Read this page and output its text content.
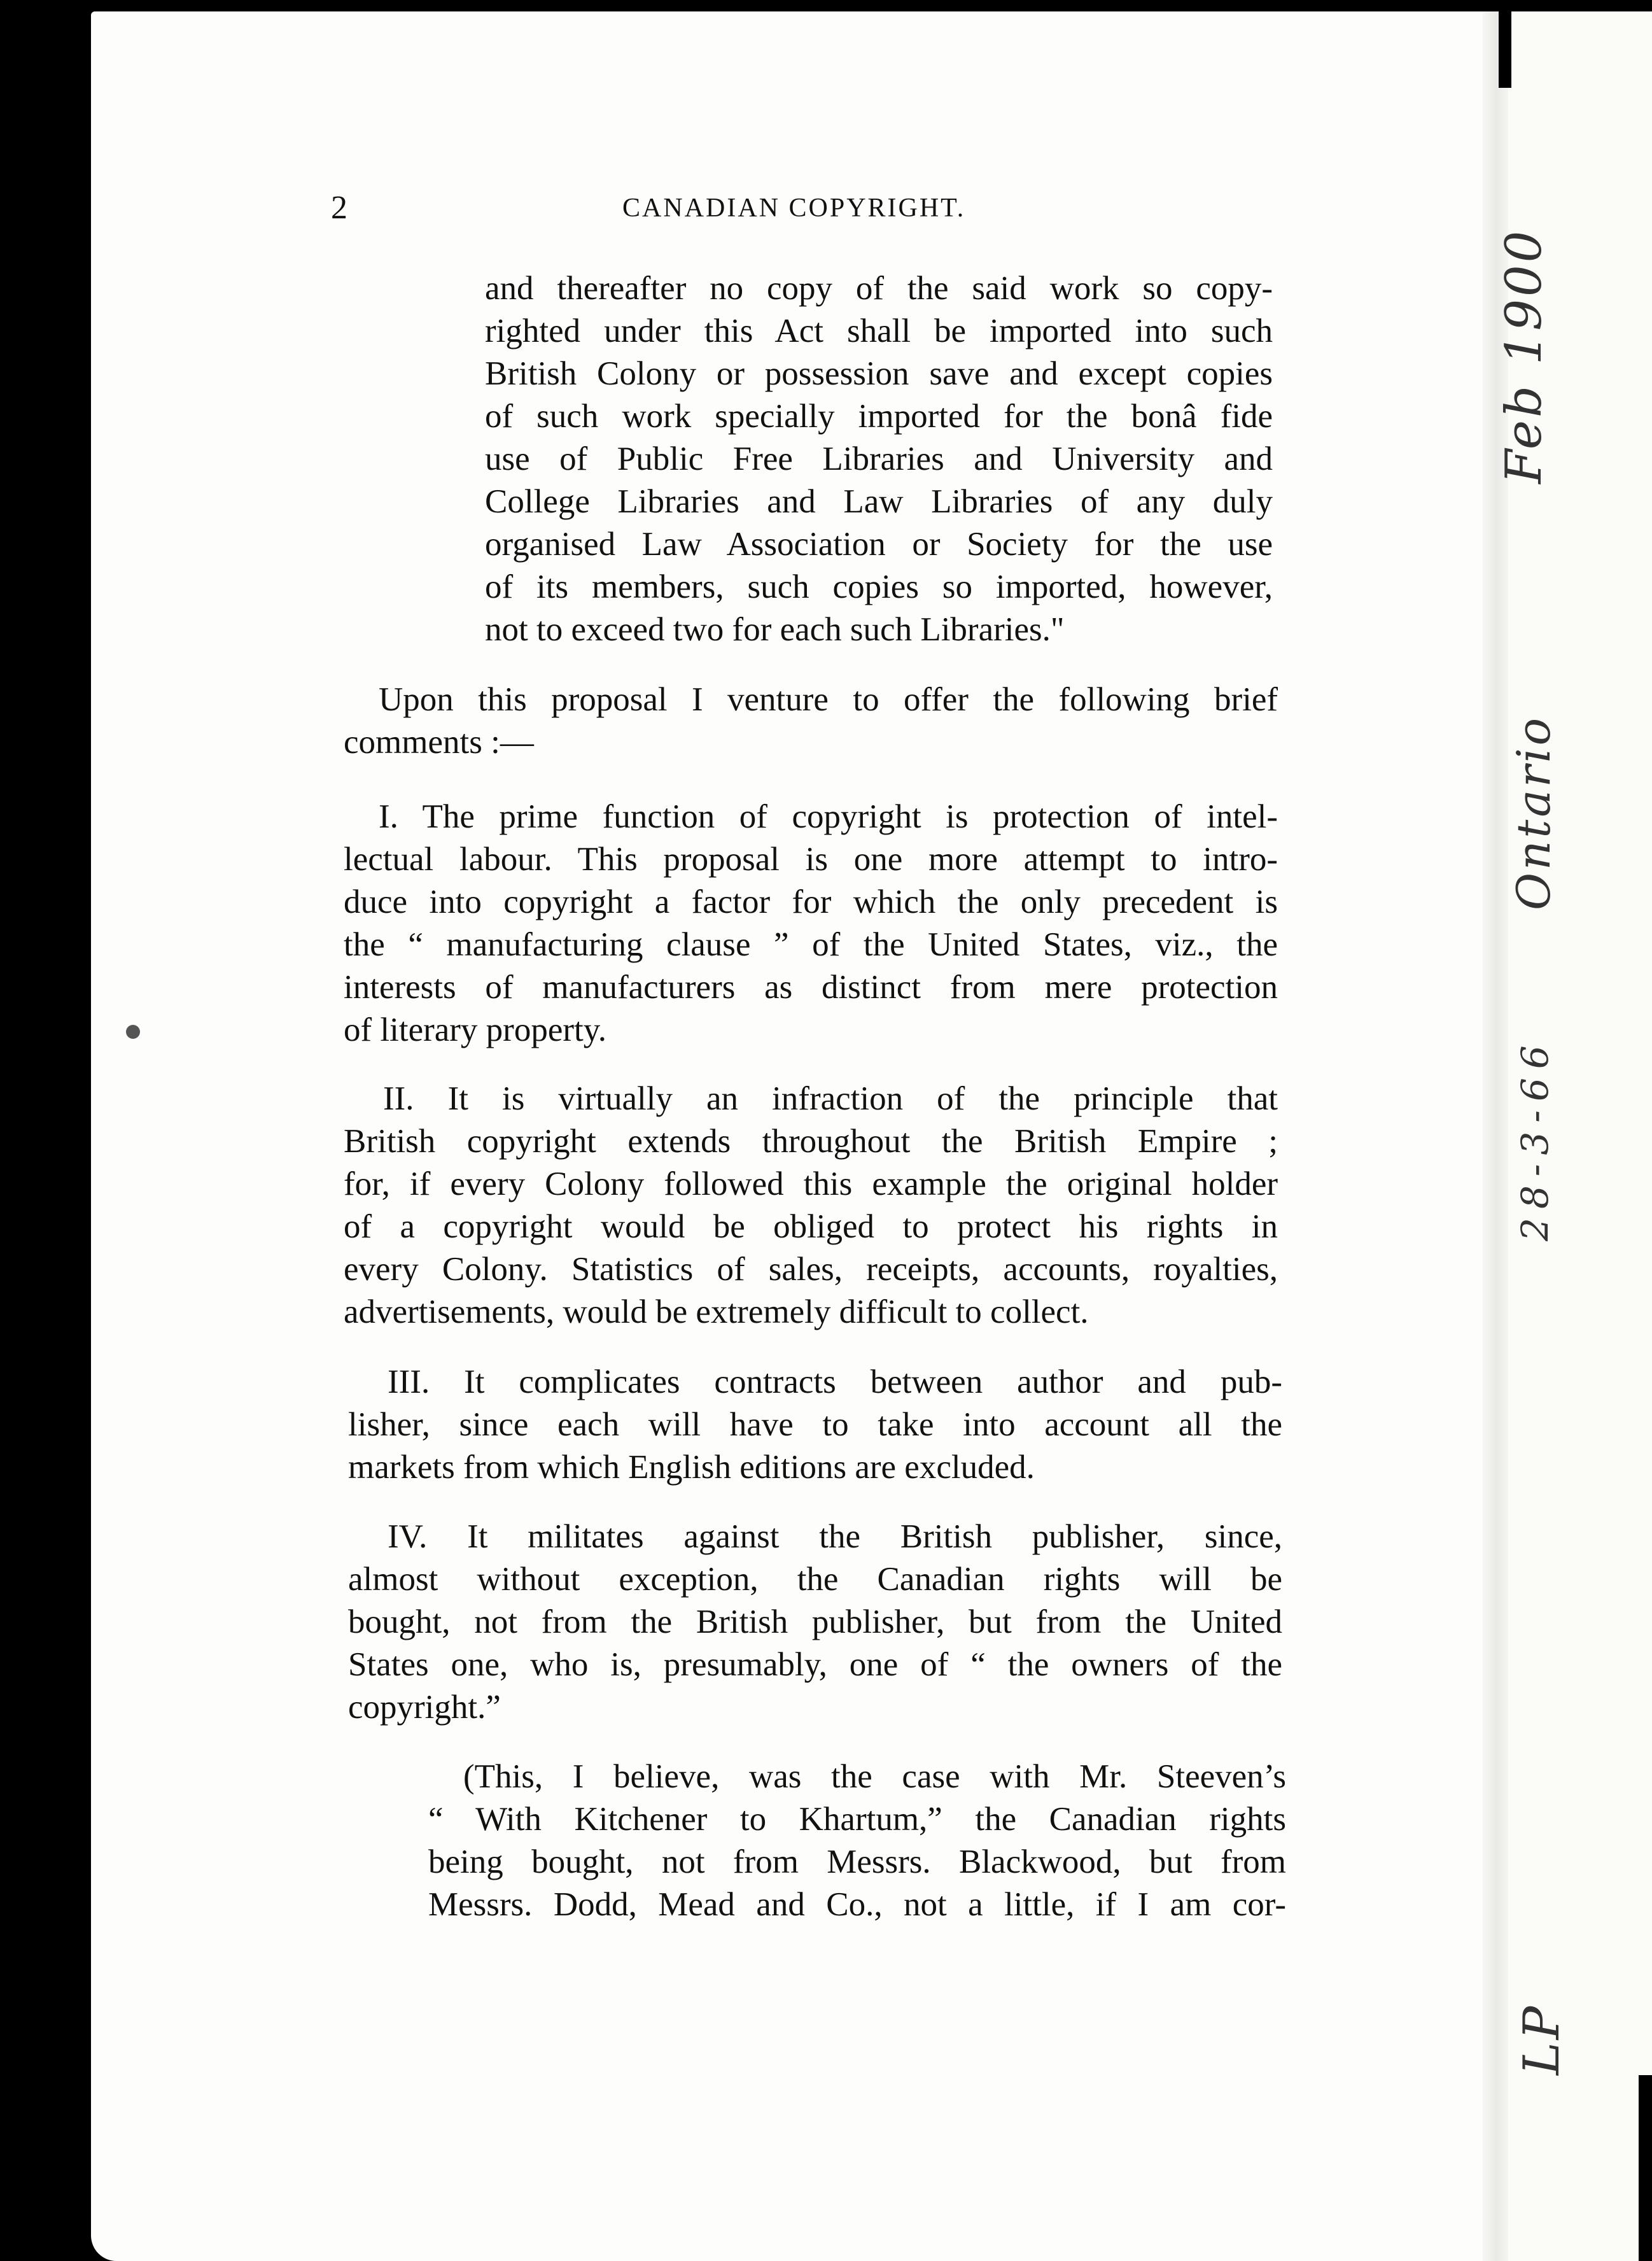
2	CANADIAN COPYRIGHT.
and thereafter no copy of the said work so copy-
righted under this Act shall be imported into such
British Colony or possession save and except copies
of such work specially imported for the bonâ fide
use of Public Free Libraries and University and
College Libraries and Law Libraries of any duly
organised Law Association or Society for the use
of its members, such copies so imported, however,
not to exceed two for each such Libraries."
Upon this proposal I venture to offer the following brief
comments :—
I. The prime function of copyright is protection of intel-
lectual labour. This proposal is one more attempt to intro-
duce into copyright a factor for which the only precedent is
the “ manufacturing clause ” of the United States, viz., the
interests of manufacturers as distinct from mere protection
of literary property.
II. It is virtually an infraction of the principle that
British copyright extends throughout the British Empire ;
for, if every Colony followed this example the original holder
of a copyright would be obliged to protect his rights in
every Colony. Statistics of sales, receipts, accounts, royalties,
advertisements, would be extremely difficult to collect.
III. It complicates contracts between author and pub-
lisher, since each will have to take into account all the
markets from which English editions are excluded.
IV. It militates against the British publisher, since,
almost without exception, the Canadian rights will be
bought, not from the British publisher, but from the United
States one, who is, presumably, one of “ the owners of the
copyright.”
(This, I believe, was the case with Mr. Steeven’s
“ With Kitchener to Khartum,” the Canadian rights
being bought, not from Messrs. Blackwood, but from
Messrs. Dodd, Mead and Co., not a little, if I am cor-
Feb 1900
Ontario
28-3-66
LP
